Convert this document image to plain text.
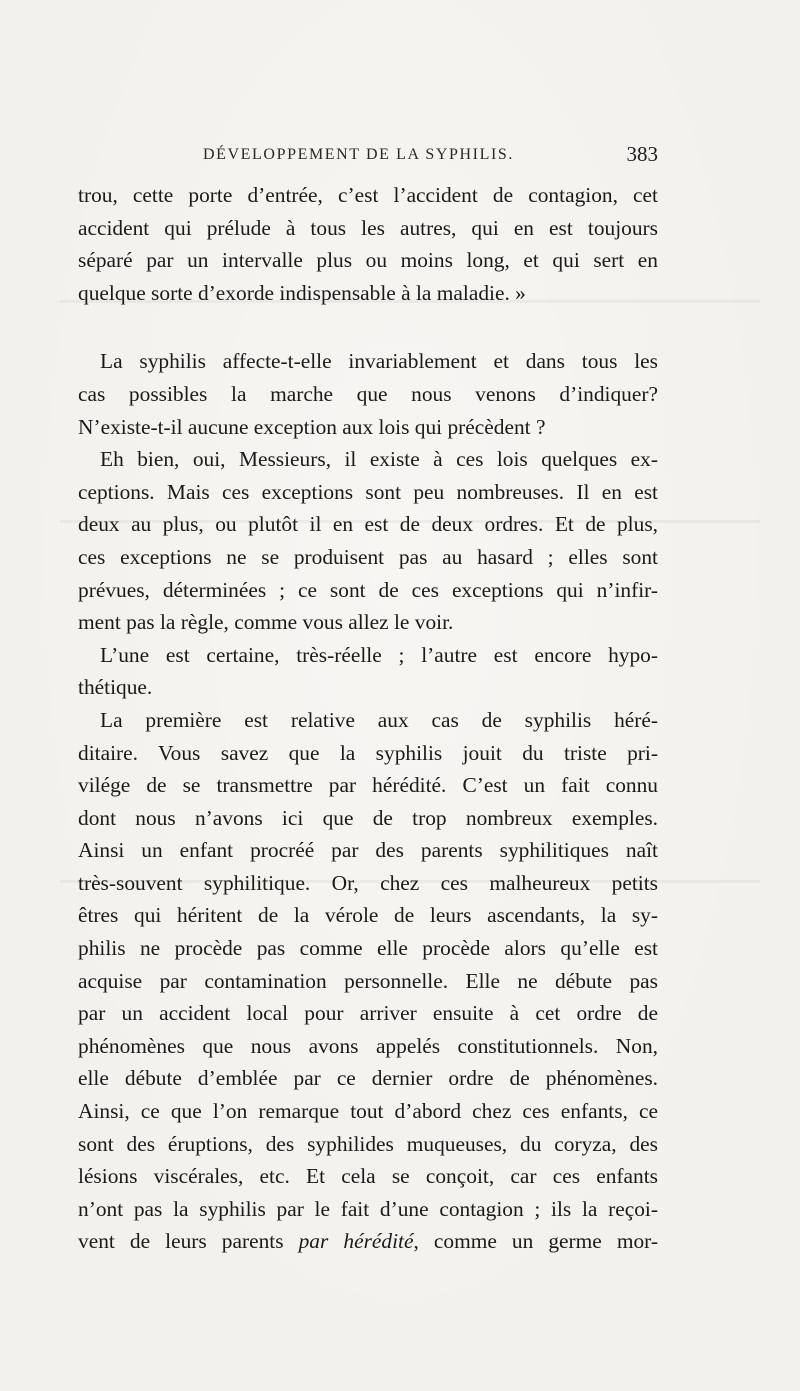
DÉVELOPPEMENT DE LA SYPHILIS.	383

trou, cette porte d’entrée, c’est l’accident de contagion, cet
accident qui prélude à tous les autres, qui en est toujours
séparé par un intervalle plus ou moins long, et qui sert en
quelque sorte d’exorde indispensable à la maladie. »

La syphilis affecte-t-elle invariablement et dans tous les
cas possibles la marche que nous venons d’indiquer?
N’existe-t-il aucune exception aux lois qui précèdent ?

Eh bien, oui, Messieurs, il existe à ces lois quelques ex-
ceptions. Mais ces exceptions sont peu nombreuses. Il en est
deux au plus, ou plutôt il en est de deux ordres. Et de plus,
ces exceptions ne se produisent pas au hasard ; elles sont
prévues, déterminées ; ce sont de ces exceptions qui n’infir-
ment pas la règle, comme vous allez le voir.

L’une est certaine, très-réelle ; l’autre est encore hypo-
thétique.

La première est relative aux cas de syphilis héré-
ditaire. Vous savez que la syphilis jouit du triste pri-
vilége de se transmettre par hérédité. C’est un fait connu
dont nous n’avons ici que de trop nombreux exemples.
Ainsi un enfant procréé par des parents syphilitiques naît
très-souvent syphilitique. Or, chez ces malheureux petits
êtres qui héritent de la vérole de leurs ascendants, la sy-
philis ne procède pas comme elle procède alors qu’elle est
acquise par contamination personnelle. Elle ne débute pas
par un accident local pour arriver ensuite à cet ordre de
phénomènes que nous avons appelés constitutionnels. Non,
elle débute d’emblée par ce dernier ordre de phénomènes.
Ainsi, ce que l’on remarque tout d’abord chez ces enfants, ce
sont des éruptions, des syphilides muqueuses, du coryza, des
lésions viscérales, etc. Et cela se conçoit, car ces enfants
n’ont pas la syphilis par le fait d’une contagion ; ils la reçoi-
vent de leurs parents par hérédité, comme un germe mor-
